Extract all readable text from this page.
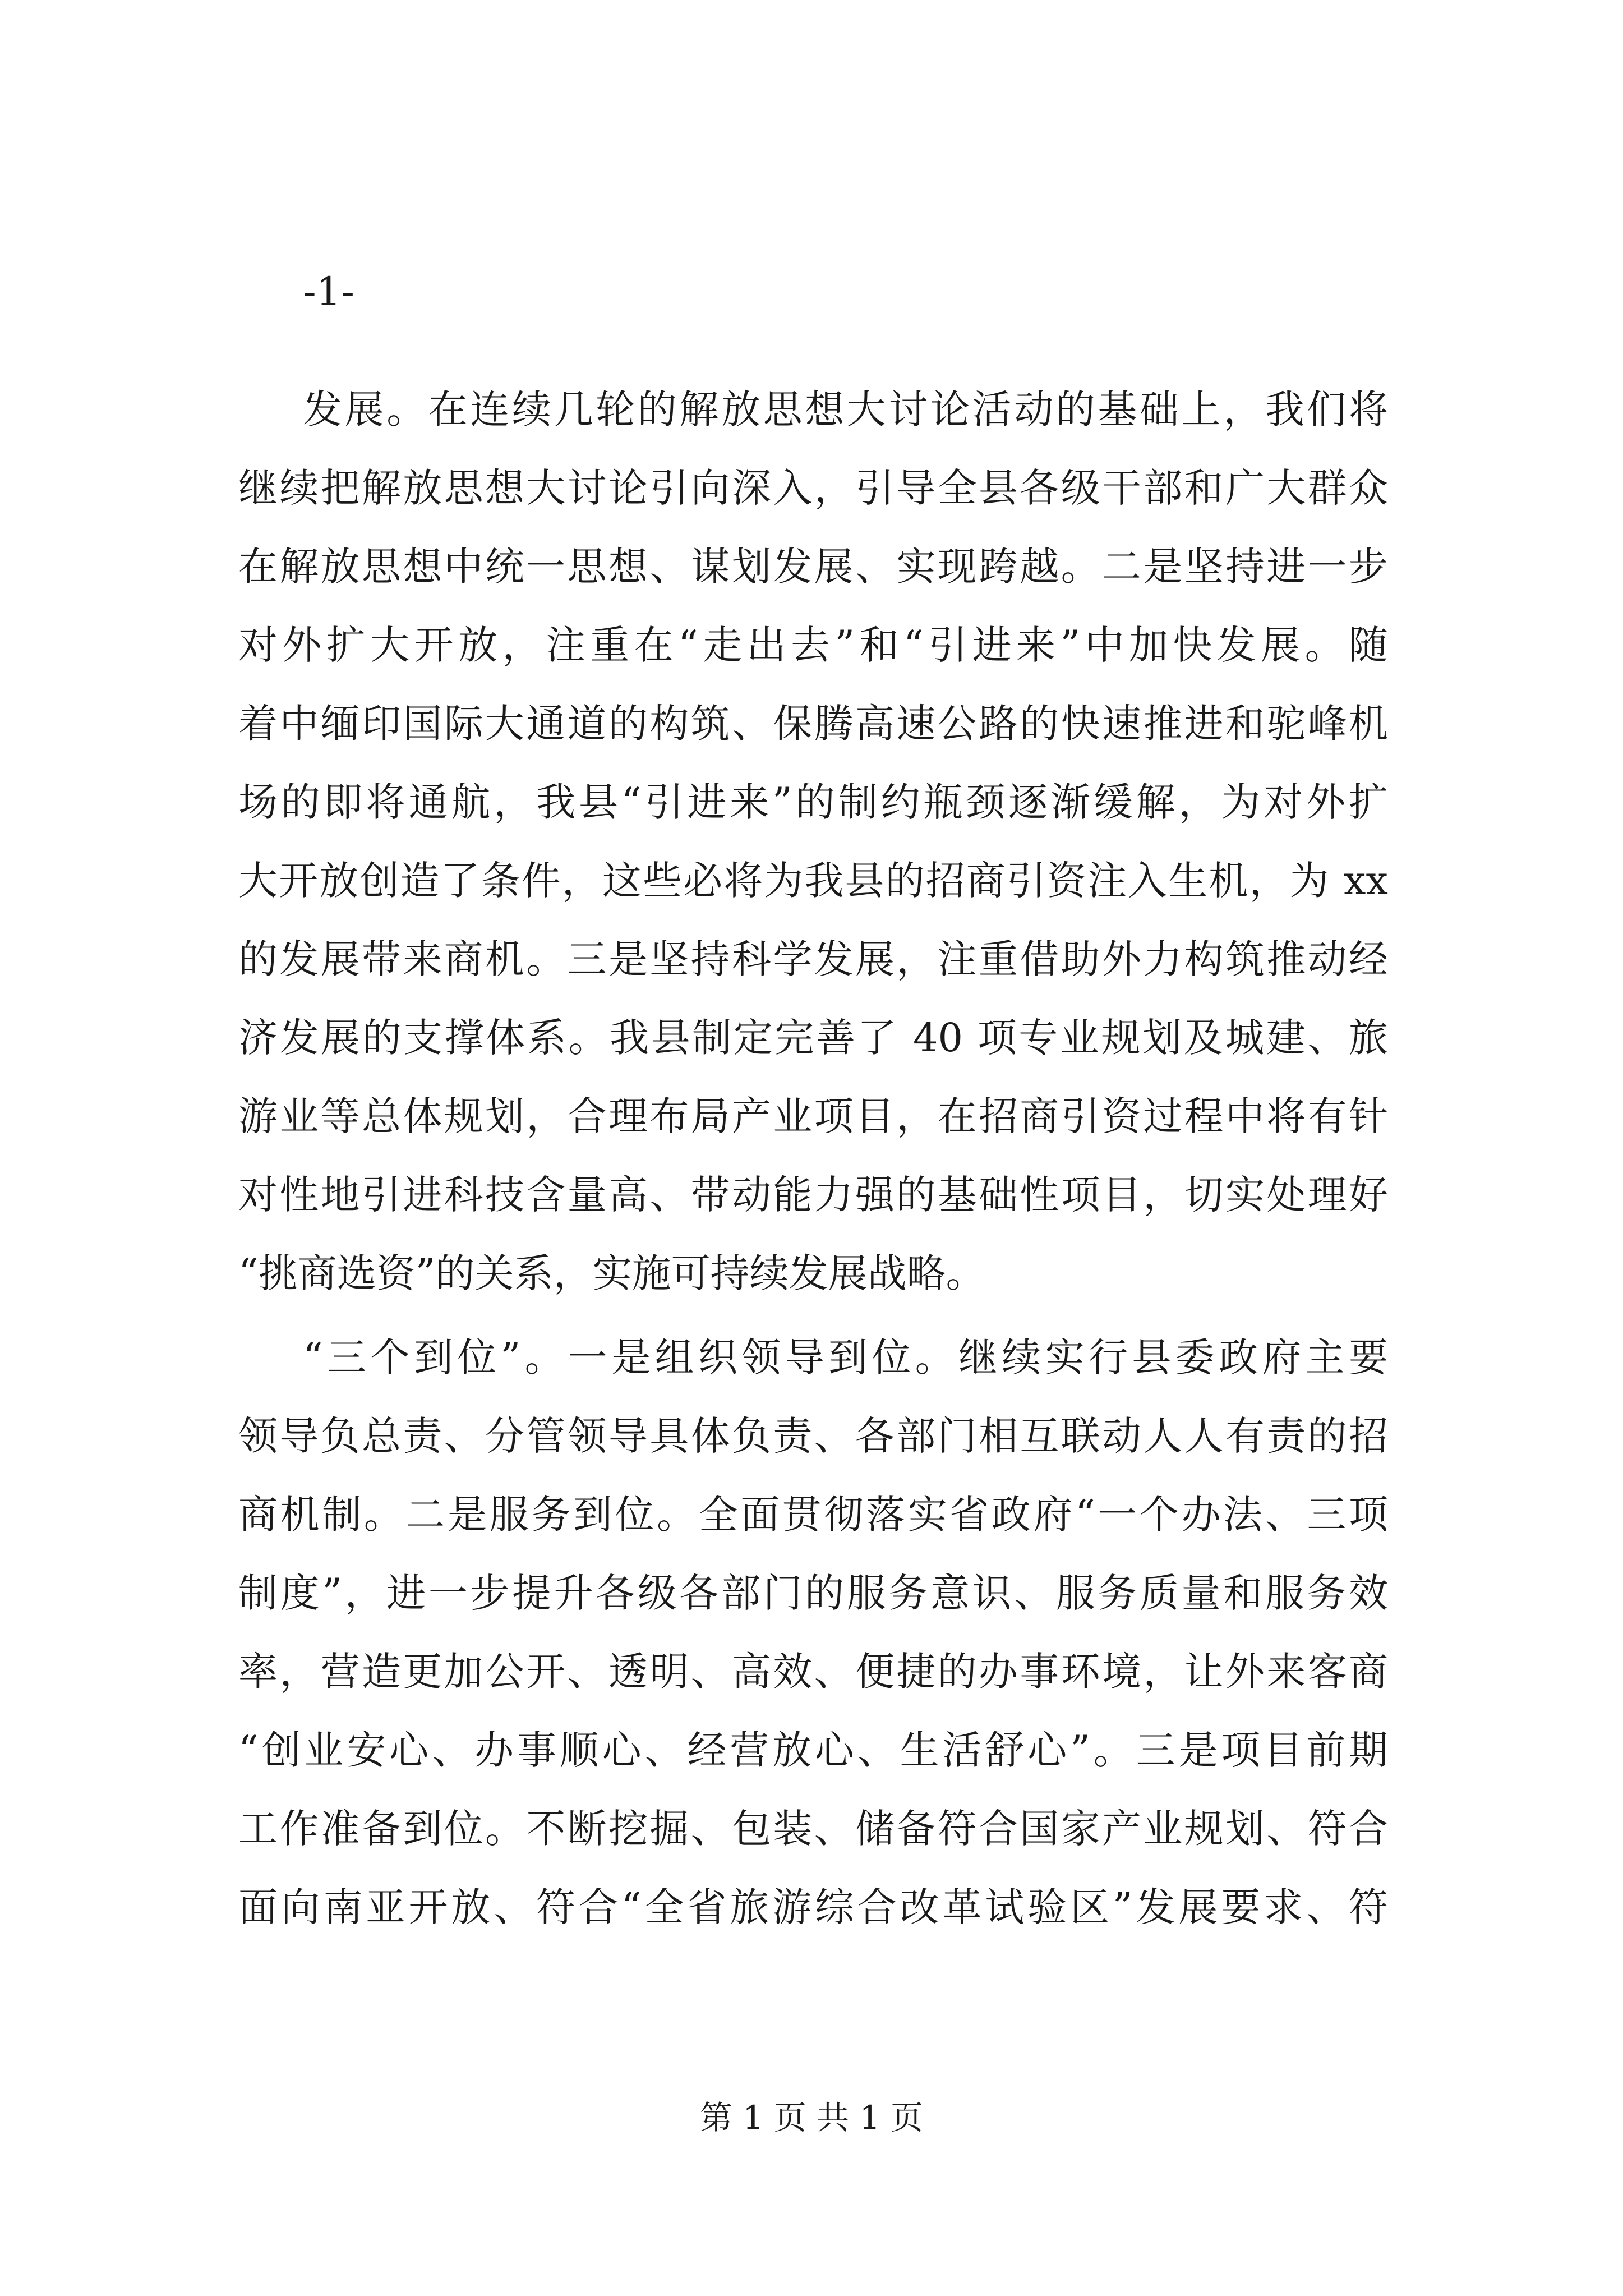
-1-
发展。在连续几轮的解放思想大讨论活动的基础上，我们将
继续把解放思想大讨论引向深入，引导全县各级干部和广大群众
在解放思想中统一思想、谋划发展、实现跨越。二是坚持进一步
对外扩大开放，注重在“走出去”和“引进来”中加快发展。随
着中缅印国际大通道的构筑、保腾高速公路的快速推进和驼峰机
场的即将通航，我县“引进来”的制约瓶颈逐渐缓解，为对外扩
大开放创造了条件，这些必将为我县的招商引资注入生机，为 xx
的发展带来商机。三是坚持科学发展，注重借助外力构筑推动经
济发展的支撑体系。我县制定完善了 40 项专业规划及城建、旅
游业等总体规划，合理布局产业项目，在招商引资过程中将有针
对性地引进科技含量高、带动能力强的基础性项目，切实处理好
“挑商选资”的关系，实施可持续发展战略。
“三个到位”。一是组织领导到位。继续实行县委政府主要
领导负总责、分管领导具体负责、各部门相互联动人人有责的招
商机制。二是服务到位。全面贯彻落实省政府“一个办法、三项
制度”，进一步提升各级各部门的服务意识、服务质量和服务效
率，营造更加公开、透明、高效、便捷的办事环境，让外来客商
“创业安心、办事顺心、经营放心、生活舒心”。三是项目前期
工作准备到位。不断挖掘、包装、储备符合国家产业规划、符合
面向南亚开放、符合“全省旅游综合改革试验区”发展要求、符
第 1 页 共 1 页
